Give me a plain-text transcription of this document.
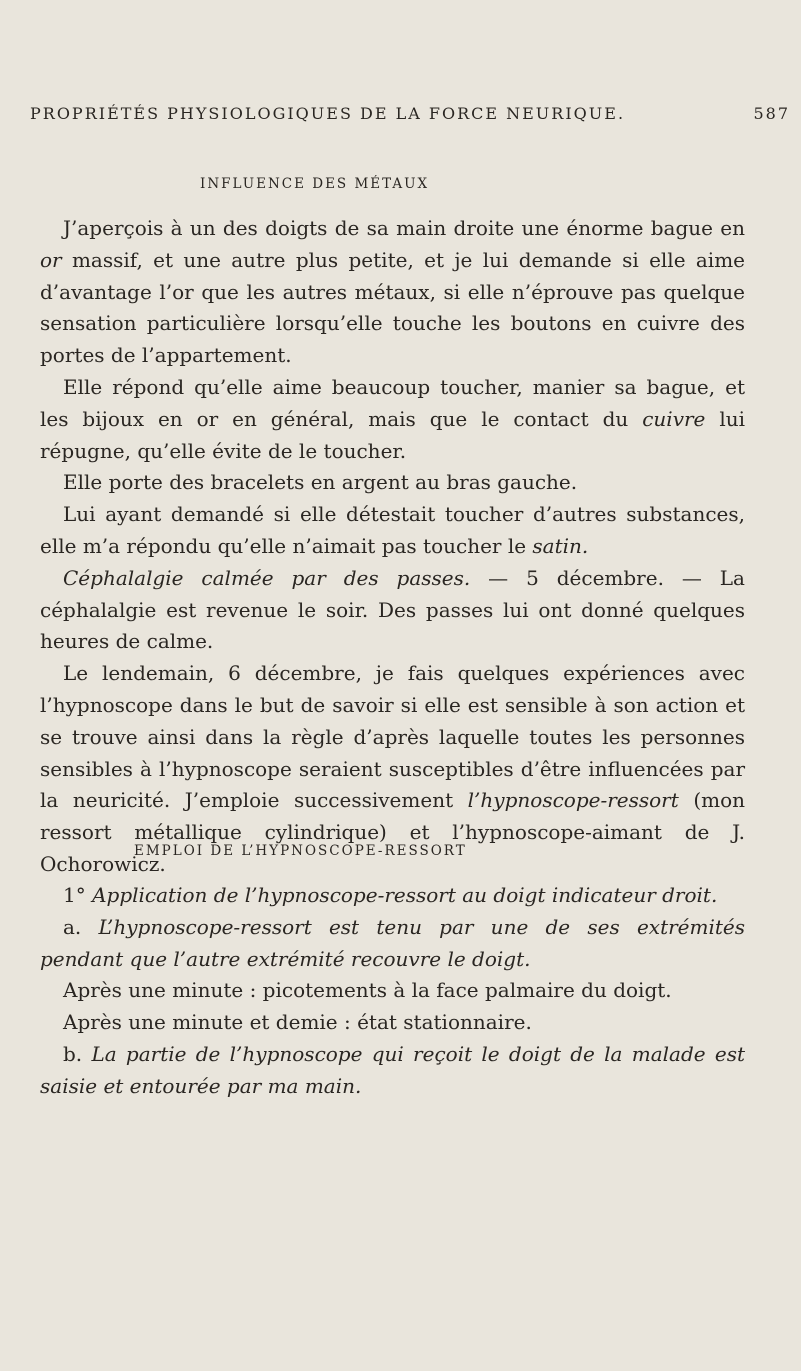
PROPRIÉTÉS PHYSIOLOGIQUES DE LA FORCE NEURIQUE.	587
INFLUENCE DES MÉTAUX

J’aperçois à un des doigts de sa main droite une énorme bague en or massif, et une autre plus petite, et je lui demande si elle aime d’avantage l’or que les autres métaux, si elle n’éprouve pas quelque sensation particulière lorsqu’elle touche les boutons en cuivre des portes de l’appartement.

Elle répond qu’elle aime beaucoup toucher, manier sa bague, et les bijoux en or en général, mais que le contact du cuivre lui répugne, qu’elle évite de le toucher.

Elle porte des bracelets en argent au bras gauche.

Lui ayant demandé si elle détestait toucher d’autres substances, elle m’a répondu qu’elle n’aimait pas toucher le satin.

Céphalalgie calmée par des passes. — 5 décembre. — La céphalalgie est revenue le soir. Des passes lui ont donné quelques heures de calme.

Le lendemain, 6 décembre, je fais quelques expériences avec l’hypnoscope dans le but de savoir si elle est sensible à son action et se trouve ainsi dans la règle d’après laquelle toutes les personnes sensibles à l’hypnoscope seraient susceptibles d’être influencées par la neuricité. J’emploie successivement l’hypnoscope-ressort (mon ressort métallique cylindrique) et l’hypnoscope-aimant de J. Ochorowicz.

EMPLOI DE L’HYPNOSCOPE-RESSORT

1° Application de l’hypnoscope-ressort au doigt indicateur droit.

a. L’hypnoscope-ressort est tenu par une de ses extrémités pendant que l’autre extrémité recouvre le doigt.

Après une minute : picotements à la face palmaire du doigt.

Après une minute et demie : état stationnaire.

b. La partie de l’hypnoscope qui reçoit le doigt de la malade est saisie et entourée par ma main.
